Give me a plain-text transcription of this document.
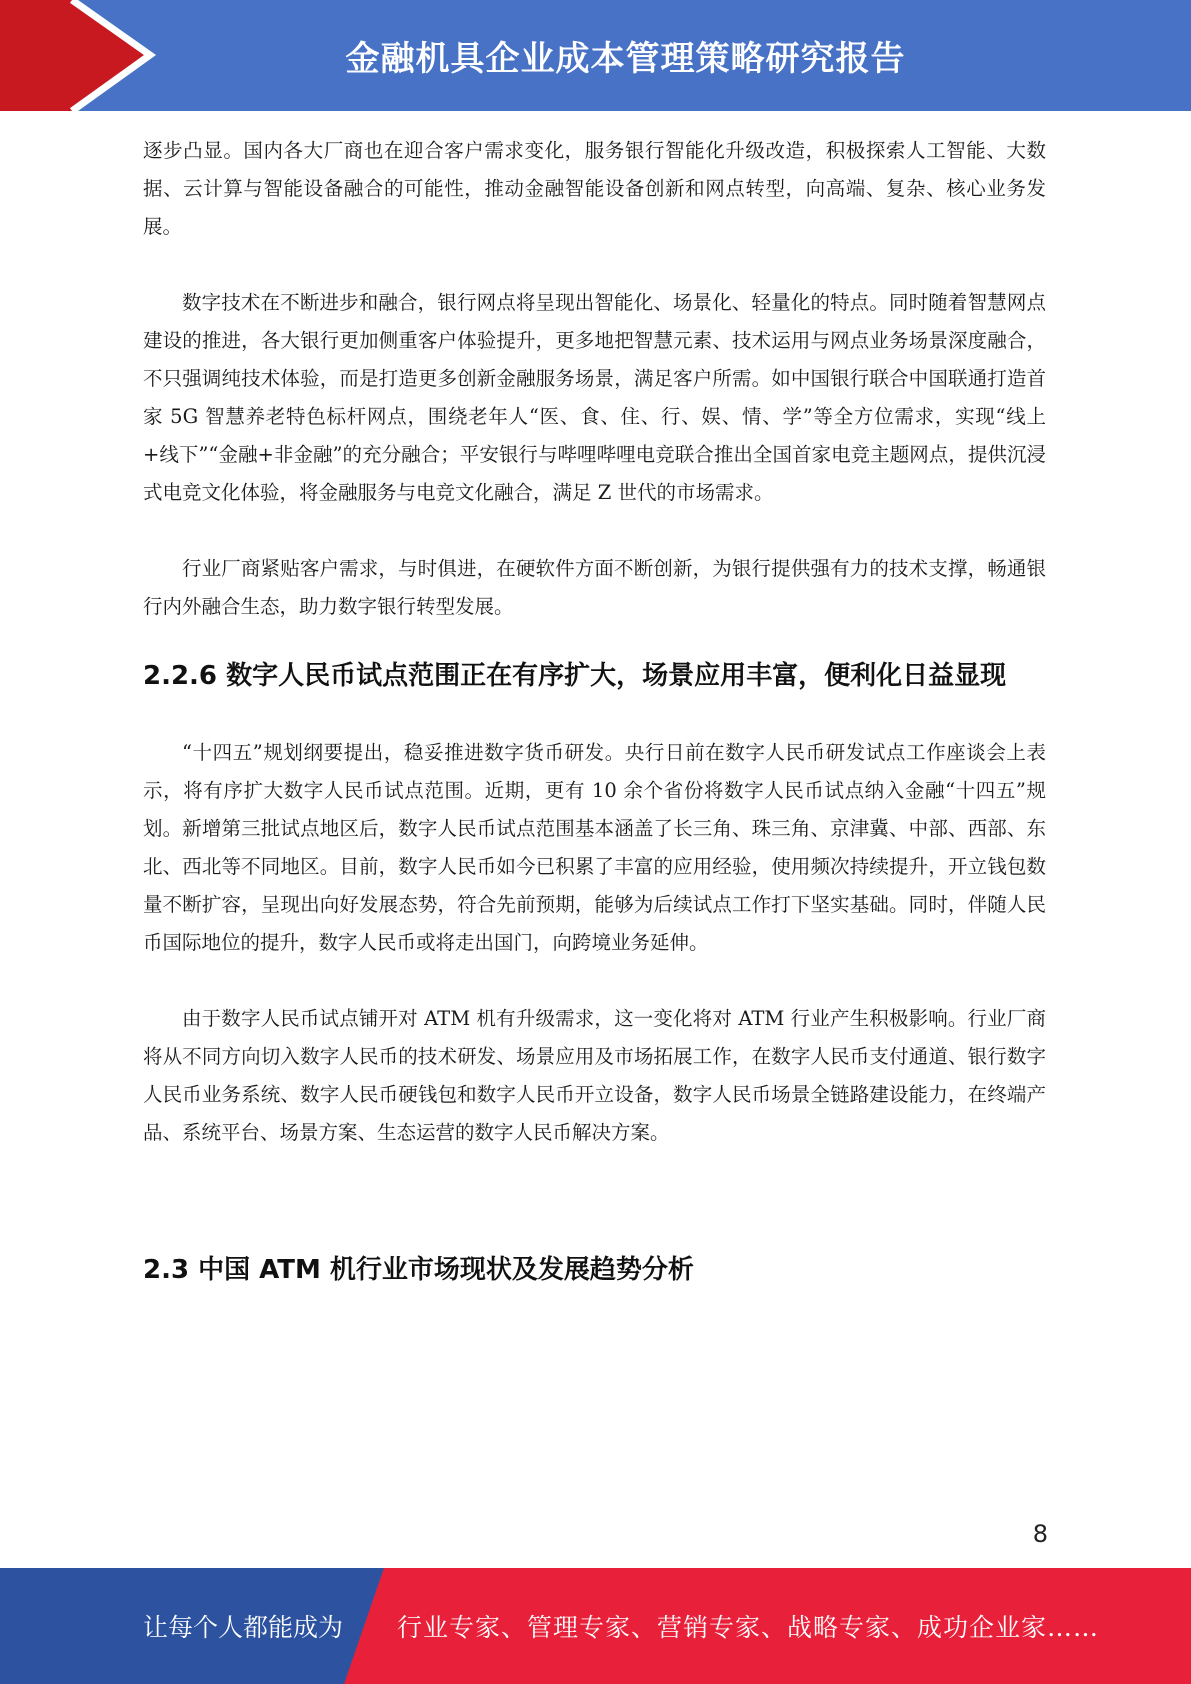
金融机具企业成本管理策略研究报告

逐步凸显。国内各大厂商也在迎合客户需求变化，服务银行智能化升级改造，积极探索人工智能、大数据、云计算与智能设备融合的可能性，推动金融智能设备创新和网点转型，向高端、复杂、核心业务发展。

数字技术在不断进步和融合，银行网点将呈现出智能化、场景化、轻量化的特点。同时随着智慧网点建设的推进，各大银行更加侧重客户体验提升，更多地把智慧元素、技术运用与网点业务场景深度融合，不只强调纯技术体验，而是打造更多创新金融服务场景，满足客户所需。如中国银行联合中国联通打造首家 5G 智慧养老特色标杆网点，围绕老年人“医、食、住、行、娱、情、学”等全方位需求，实现“线上+线下”“金融+非金融”的充分融合；平安银行与哔哩哔哩电竞联合推出全国首家电竞主题网点，提供沉浸式电竞文化体验，将金融服务与电竞文化融合，满足 Z 世代的市场需求。

行业厂商紧贴客户需求，与时俱进，在硬软件方面不断创新，为银行提供强有力的技术支撑，畅通银行内外融合生态，助力数字银行转型发展。

2.2.6 数字人民币试点范围正在有序扩大，场景应用丰富，便利化日益显现

“十四五”规划纲要提出，稳妥推进数字货币研发。央行日前在数字人民币研发试点工作座谈会上表示，将有序扩大数字人民币试点范围。近期，更有 10 余个省份将数字人民币试点纳入金融“十四五”规划。新增第三批试点地区后，数字人民币试点范围基本涵盖了长三角、珠三角、京津冀、中部、西部、东北、西北等不同地区。目前，数字人民币如今已积累了丰富的应用经验，使用频次持续提升，开立钱包数量不断扩容，呈现出向好发展态势，符合先前预期，能够为后续试点工作打下坚实基础。同时，伴随人民币国际地位的提升，数字人民币或将走出国门，向跨境业务延伸。

由于数字人民币试点铺开对 ATM 机有升级需求，这一变化将对 ATM 行业产生积极影响。行业厂商将从不同方向切入数字人民币的技术研发、场景应用及市场拓展工作，在数字人民币支付通道、银行数字人民币业务系统、数字人民币硬钱包和数字人民币开立设备，数字人民币场景全链路建设能力，在终端产品、系统平台、场景方案、生态运营的数字人民币解决方案。

2.3 中国 ATM 机行业市场现状及发展趋势分析
8
让每个人都能成为 行业专家、管理专家、营销专家、战略专家、成功企业家……
